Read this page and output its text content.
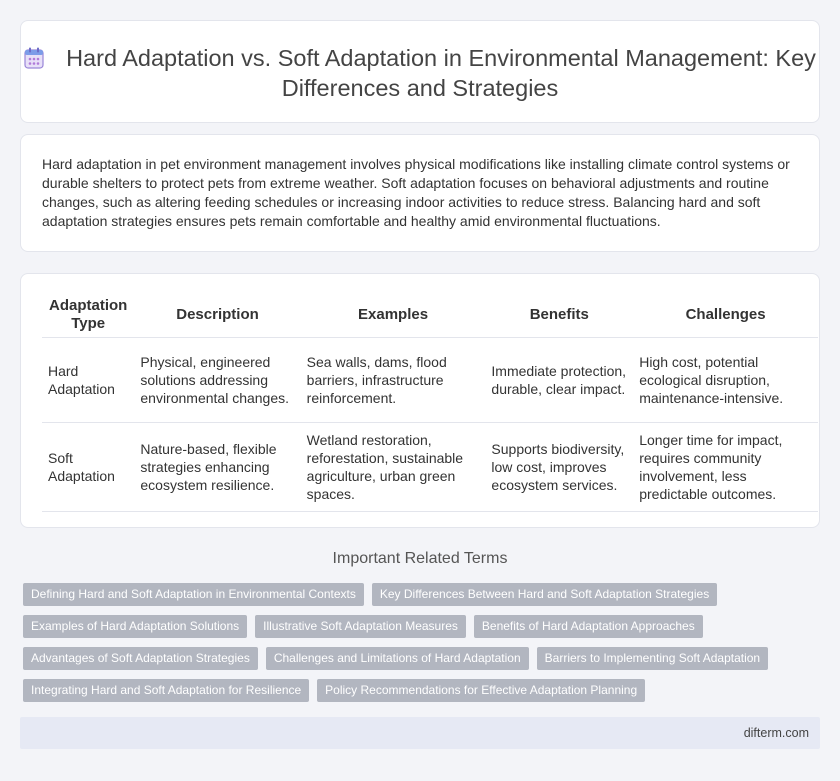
Hard Adaptation vs. Soft Adaptation in Environmental Management: Key Differences and Strategies

Hard adaptation in pet environment management involves physical modifications like installing climate control systems or durable shelters to protect pets from extreme weather. Soft adaptation focuses on behavioral adjustments and routine changes, such as altering feeding schedules or increasing indoor activities to reduce stress. Balancing hard and soft adaptation strategies ensures pets remain comfortable and healthy amid environmental fluctuations.

Adaptation Type	Description	Examples	Benefits	Challenges
Hard Adaptation	Physical, engineered solutions addressing environmental changes.	Sea walls, dams, flood barriers, infrastructure reinforcement.	Immediate protection, durable, clear impact.	High cost, potential ecological disruption, maintenance-intensive.
Soft Adaptation	Nature-based, flexible strategies enhancing ecosystem resilience.	Wetland restoration, reforestation, sustainable agriculture, urban green spaces.	Supports biodiversity, low cost, improves ecosystem services.	Longer time for impact, requires community involvement, less predictable outcomes.
Important Related Terms
Defining Hard and Soft Adaptation in Environmental Contexts Key Differences Between Hard and Soft Adaptation Strategies
Examples of Hard Adaptation Solutions Illustrative Soft Adaptation Measures Benefits of Hard Adaptation Approaches
Advantages of Soft Adaptation Strategies Challenges and Limitations of Hard Adaptation Barriers to Implementing Soft Adaptation
Integrating Hard and Soft Adaptation for Resilience Policy Recommendations for Effective Adaptation Planning
difterm.com
